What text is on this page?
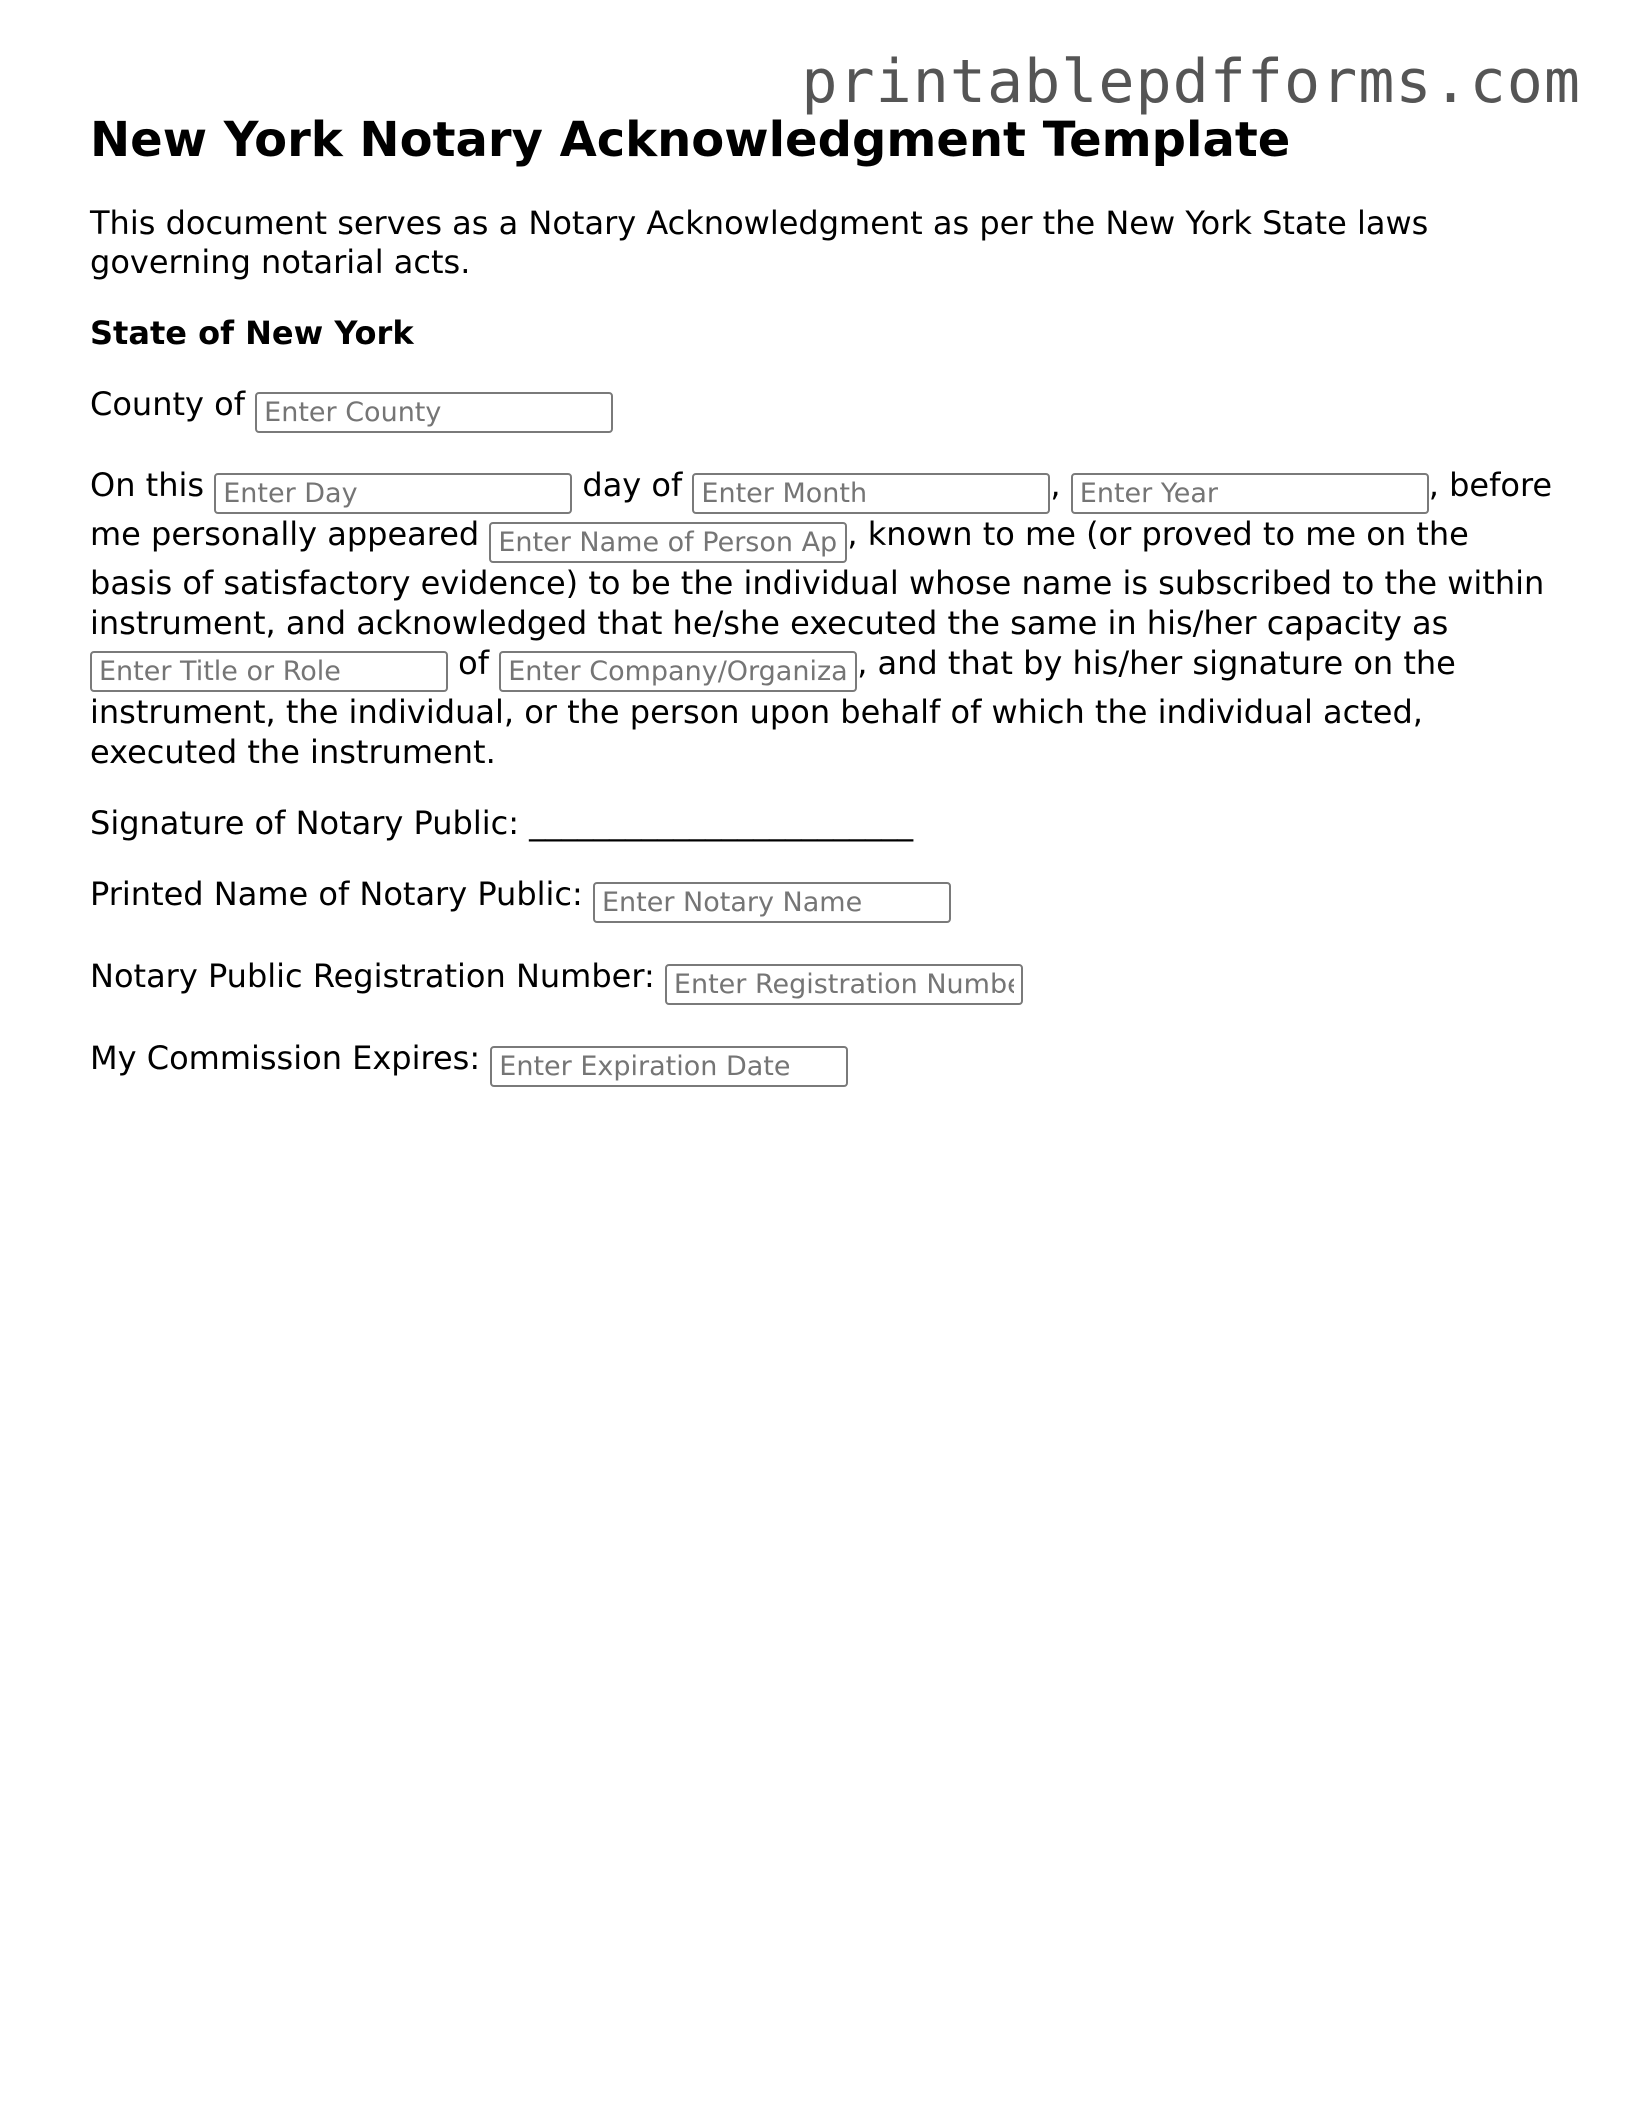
printablepdfforms.com
New York Notary Acknowledgment Template

This document serves as a Notary Acknowledgment as per the New York State laws governing notarial acts.

State of New York

County of Enter County

On this Enter Day	day of Enter Month	, Enter Year	, before me personally appeared Enter Name of Person Appearing	, known to me (or proved to me on the basis of satisfactory evidence) to be the individual whose name is subscribed to the within instrument, and acknowledged that he/she executed the same in his/her capacity as Enter Title or Role of Enter Company/Organization	, and that by his/her signature on the instrument, the individual, or the person upon behalf of which the individual acted, executed the instrument.

Signature of Notary Public: ________________________

Printed Name of Notary Public: Enter Notary Name

Notary Public Registration Number: Enter Registration Number

My Commission Expires: Enter Expiration Date
